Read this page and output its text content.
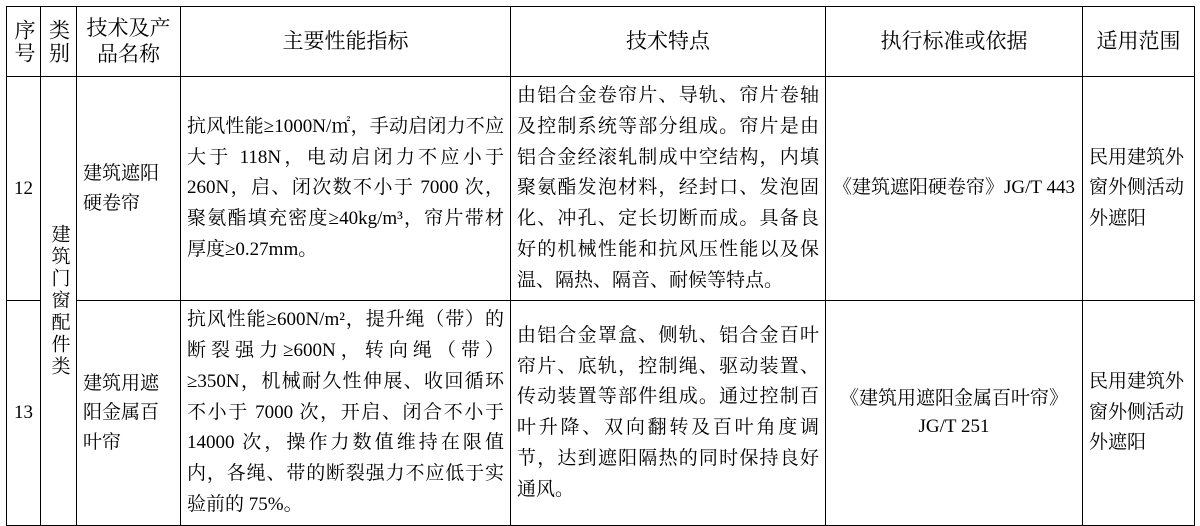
序号	类别	技术及产品名称	主要性能指标	技术特点	执行标准或依据	适用范围
12	建筑门窗配件类	建筑遮阳硬卷帘	抗风性能≥1000N/㎡，手动启闭力不应大于 118N，电动启闭力不应小于 260N，启、闭次数不小于 7000 次，聚氨酯填充密度≥40kg/m³，帘片带材厚度≥0.27mm。	由铝合金卷帘片、导轨、帘片卷轴及控制系统等部分组成。帘片是由铝合金经滚轧制成中空结构，内填聚氨酯发泡材料，经封口、发泡固化、冲孔、定长切断而成。具备良好的机械性能和抗风压性能以及保温、隔热、隔音、耐候等特点。	《建筑遮阳硬卷帘》JG/T 443	民用建筑外窗外侧活动外遮阳
13		建筑用遮阳金属百叶帘	抗风性能≥600N/m²，提升绳（带）的断裂强力≥600N，转向绳（带）≥350N，机械耐久性伸展、收回循环不小于 7000 次，开启、闭合不小于 14000 次，操作力数值维持在限值内，各绳、带的断裂强力不应低于实验前的 75%。	由铝合金罩盒、侧轨、铝合金百叶帘片、底轨，控制绳、驱动装置、传动装置等部件组成。通过控制百叶升降、双向翻转及百叶角度调节，达到遮阳隔热的同时保持良好通风。	《建筑用遮阳金属百叶帘》JG/T 251	民用建筑外窗外侧活动外遮阳
